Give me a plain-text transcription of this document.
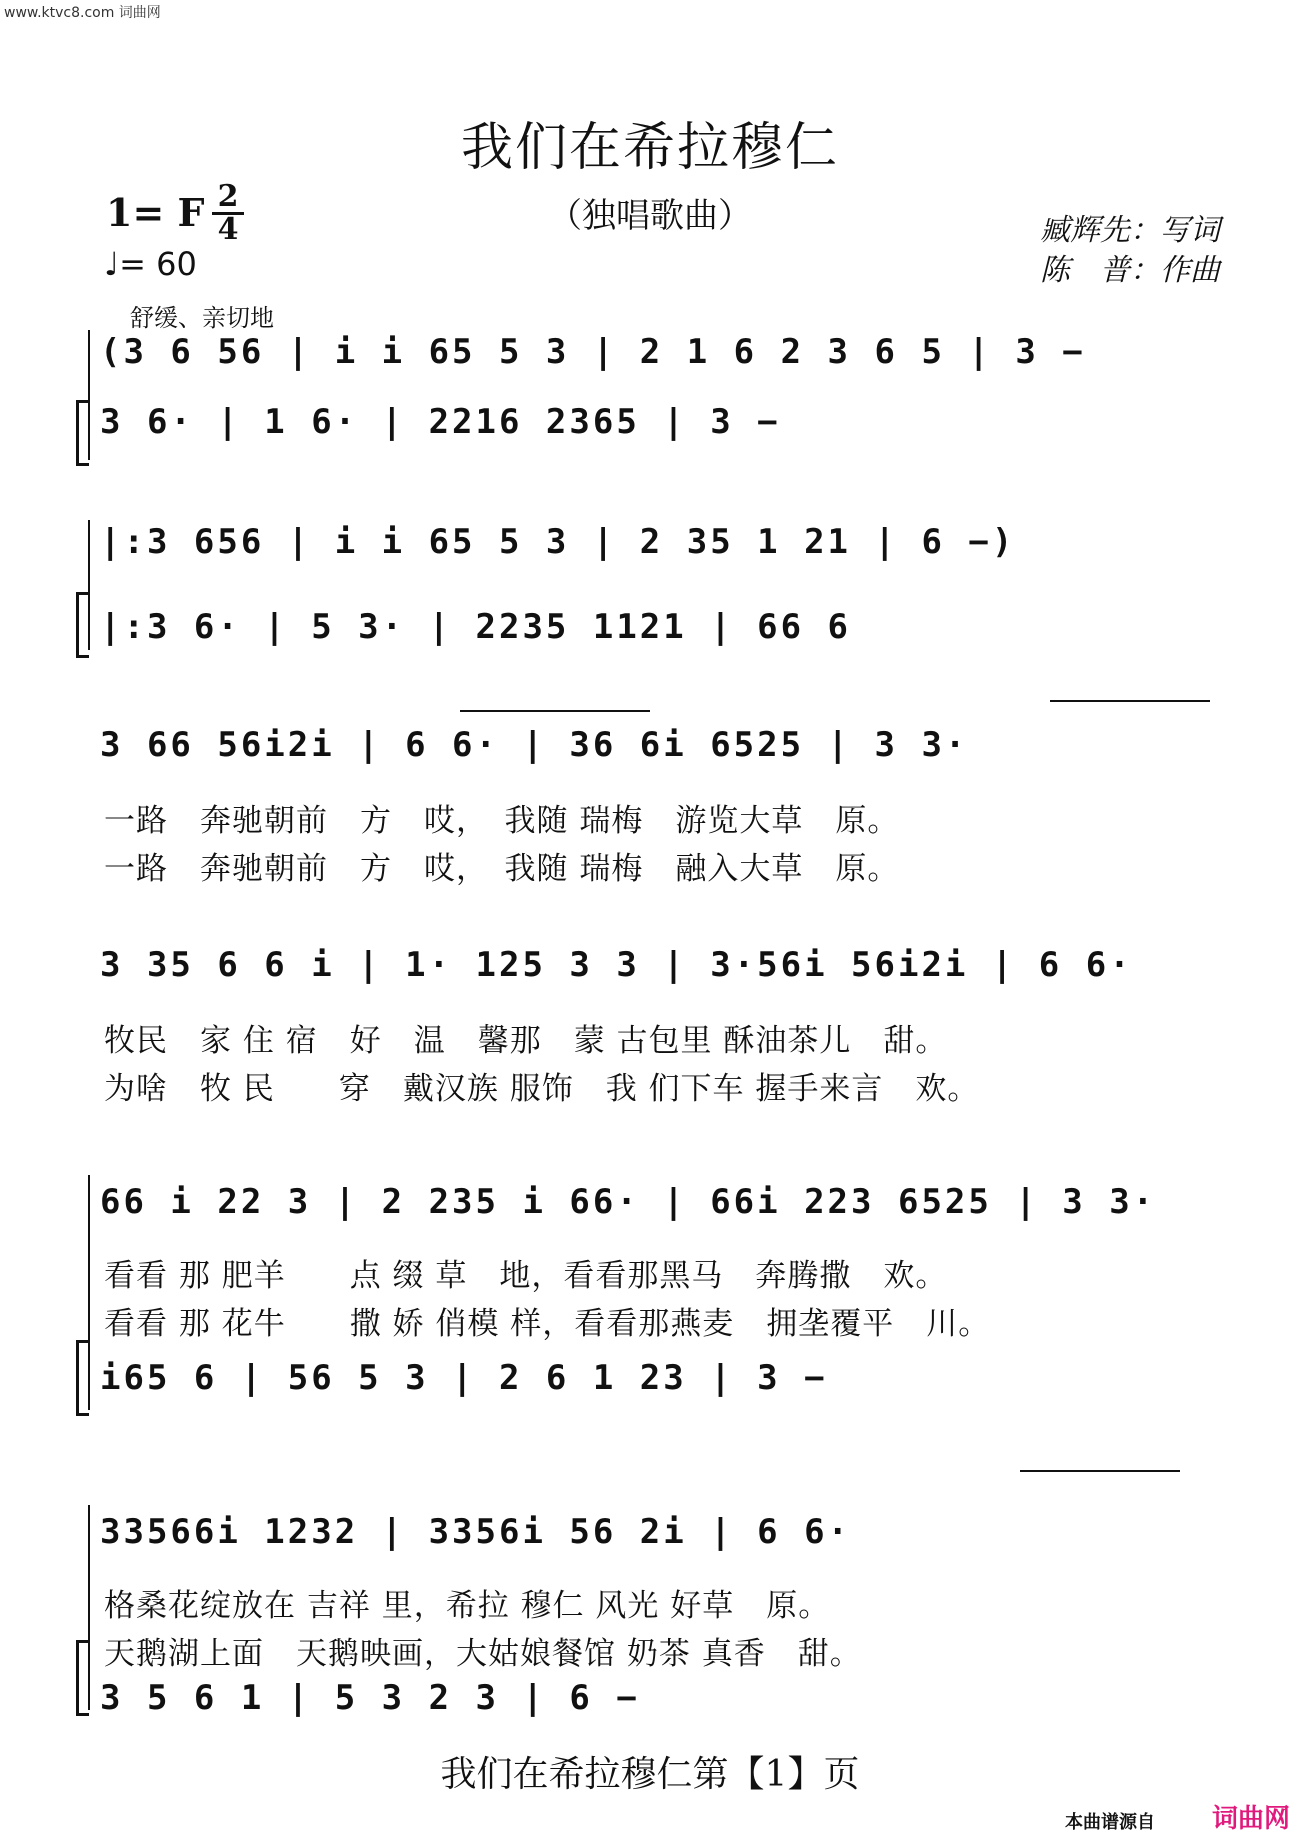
www.ktvc8.com 词曲网
我们在希拉穆仁
（独唱歌曲）
1= F 2
4
♩= 60
臧辉先：写词
陈　普：作曲
舒缓、亲切地
(3 6 56 | i i 65 5 3 | 2 1 6 2 3 6 5 | 3 −
3 6· | 1 6· | 2216 2365 | 3 −
|:3 656 | i i 65 5 3 | 2 35 1 21 | 6 −)
|:3 6· | 5 3· | 2235 1121 | 66 6
3 66 56i2i | 6 6· | 36 6i 6525 | 3 3·
一路　奔驰朝前　方　哎，　我随 瑞梅　游览大草　原。
一路　奔驰朝前　方　哎，　我随 瑞梅　融入大草　原。
3 35 6 6 i | 1· 125 3 3 | 3·56i 56i2i | 6 6·
牧民　家 住 宿　好　温　馨那　蒙 古包里 酥油茶儿　甜。
为啥　牧 民　　穿　戴汉族 服饰　我 们下车 握手来言　欢。
66 i 22 3 | 2 235 i 66· | 66i 223 6525 | 3 3·
看看 那 肥羊　　点 缀 草　地，看看那黑马　奔腾撒　欢。
看看 那 花牛　　撒 娇 俏模 样，看看那燕麦　拥垄覆平　川。
i65 6 | 56 5 3 | 2 6 1 23 | 3 −
33566i 1232 | 3356i 56 2i | 6 6·
格桑花绽放在 吉祥 里，希拉 穆仁 风光 好草　原。
天鹅湖上面　天鹅映画，大姑娘餐馆 奶茶 真香　甜。
3 5 6 1 | 5 3 2 3 | 6 −
我们在希拉穆仁第【1】页
本曲谱源自 词曲网
